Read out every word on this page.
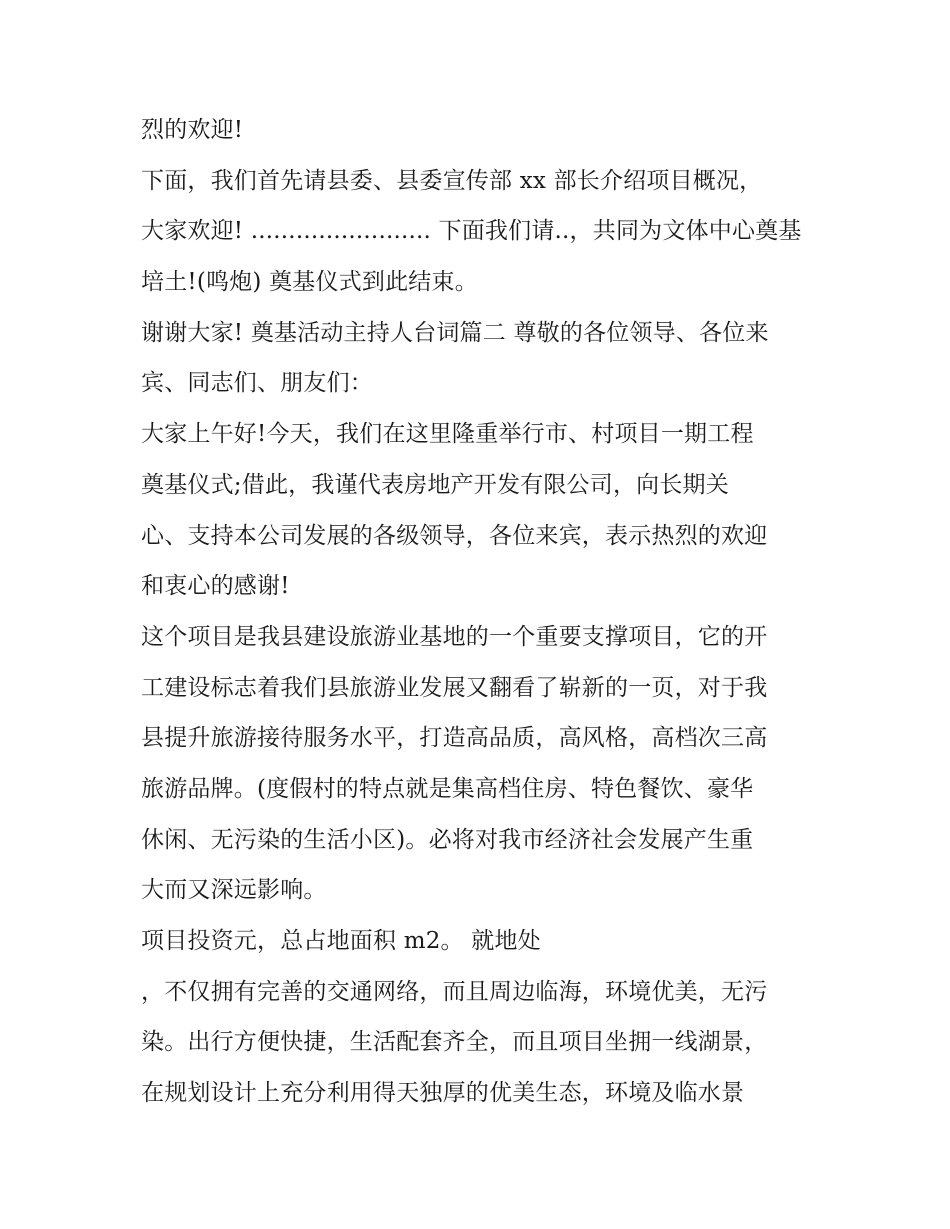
烈的欢迎!
下面，我们首先请县委、县委宣传部 xx 部长介绍项目概况，
大家欢迎! ........................ 下面我们请..，共同为文体中心奠基
培土!(鸣炮) 奠基仪式到此结束。
谢谢大家! 奠基活动主持人台词篇二 尊敬的各位领导、各位来
宾、同志们、朋友们：
大家上午好!今天，我们在这里隆重举行市、村项目一期工程
奠基仪式;借此，我谨代表房地产开发有限公司，向长期关
心、支持本公司发展的各级领导，各位来宾，表示热烈的欢迎
和衷心的感谢!
这个项目是我县建设旅游业基地的一个重要支撑项目，它的开
工建设标志着我们县旅游业发展又翻看了崭新的一页，对于我
县提升旅游接待服务水平，打造高品质，高风格，高档次三高
旅游品牌。(度假村的特点就是集高档住房、特色餐饮、豪华
休闲、无污染的生活小区)。必将对我市经济社会发展产生重
大而又深远影响。
项目投资元，总占地面积 m2。 就地处
，不仅拥有完善的交通网络，而且周边临海，环境优美，无污
染。出行方便快捷，生活配套齐全，而且项目坐拥一线湖景，
在规划设计上充分利用得天独厚的优美生态，环境及临水景
